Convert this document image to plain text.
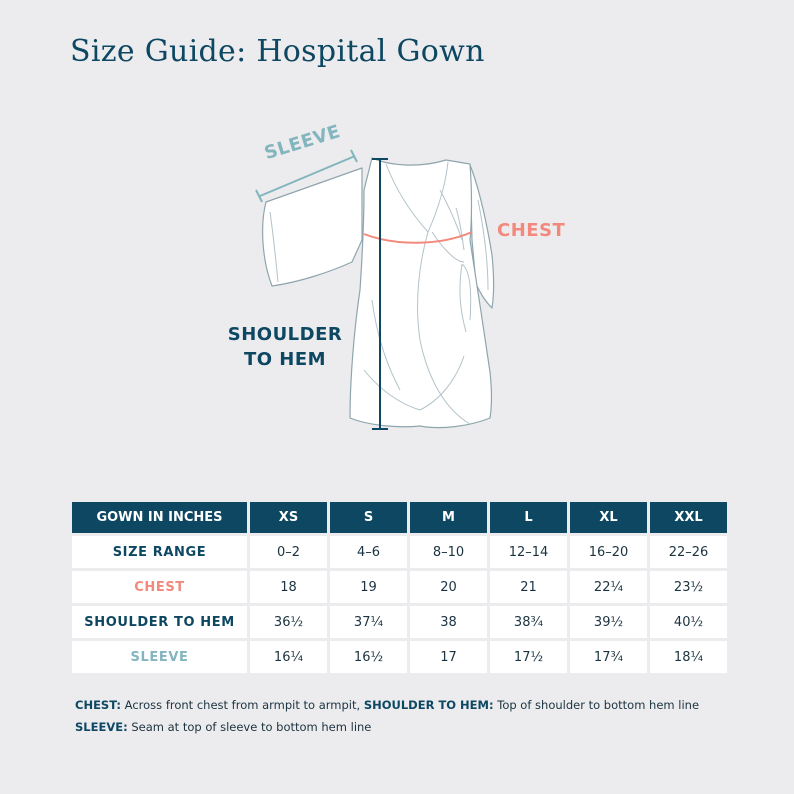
Size Guide: Hospital Gown
SLEEVE
CHEST
SHOULDER
TO HEM
GOWN IN INCHES	XS	S	M	L	XL	XXL
SIZE RANGE	0–2	4–6	8–10	12–14	16–20	22–26
CHEST	18	19	20	21	22¼	23½
SHOULDER TO HEM	36½	37¼	38	38¾	39½	40½
SLEEVE	16¼	16½	17	17½	17¾	18¼
CHEST: Across front chest from armpit to armpit, SHOULDER TO HEM: Top of shoulder to bottom hem line
SLEEVE: Seam at top of sleeve to bottom hem line
